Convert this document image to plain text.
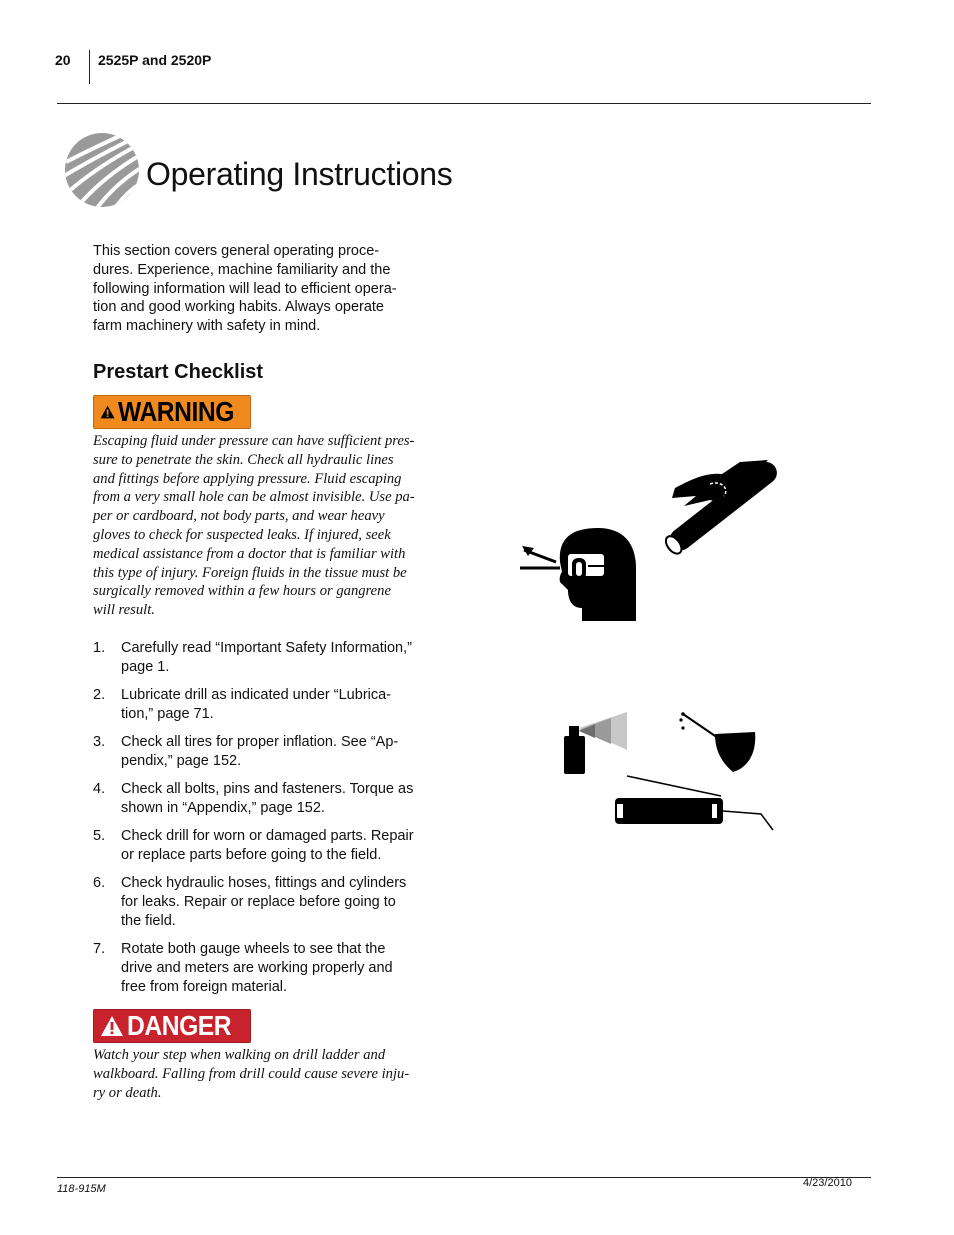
20 2525P and 2520P
Operating Instructions

This section covers general operating proce-

dures. Experience, machine familiarity and the

following information will lead to efficient opera-

tion and good working habits. Always operate

farm machinery with safety in mind.

Prestart Checklist
WARNING
Escaping fluid under pressure can have sufficient pres-
sure to penetrate the skin. Check all hydraulic lines
and fittings before applying pressure. Fluid escaping
from a very small hole can be almost invisible. Use pa-
per or cardboard, not body parts, and wear heavy
gloves to check for suspected leaks. If injured, seek
medical assistance from a doctor that is familiar with
this type of injury. Foreign fluids in the tissue must be
surgically removed within a few hours or gangrene
will result.
1. Carefully read “Important Safety Information,”
page 1.
2. Lubricate drill as indicated under “Lubrica-
tion,” page 71.
3. Check all tires for proper inflation. See “Ap-
pendix,” page 152.
4. Check all bolts, pins and fasteners. Torque as
shown in “Appendix,” page 152.
5. Check drill for worn or damaged parts. Repair
or replace parts before going to the field.
6. Check hydraulic hoses, fittings and cylinders
for leaks. Repair or replace before going to
the field.
7. Rotate both gauge wheels to see that the
drive and meters are working properly and
free from foreign material.
DANGER
Watch your step when walking on drill ladder and
walkboard. Falling from drill could cause severe inju-
ry or death.
118-915M	4/23/2010
